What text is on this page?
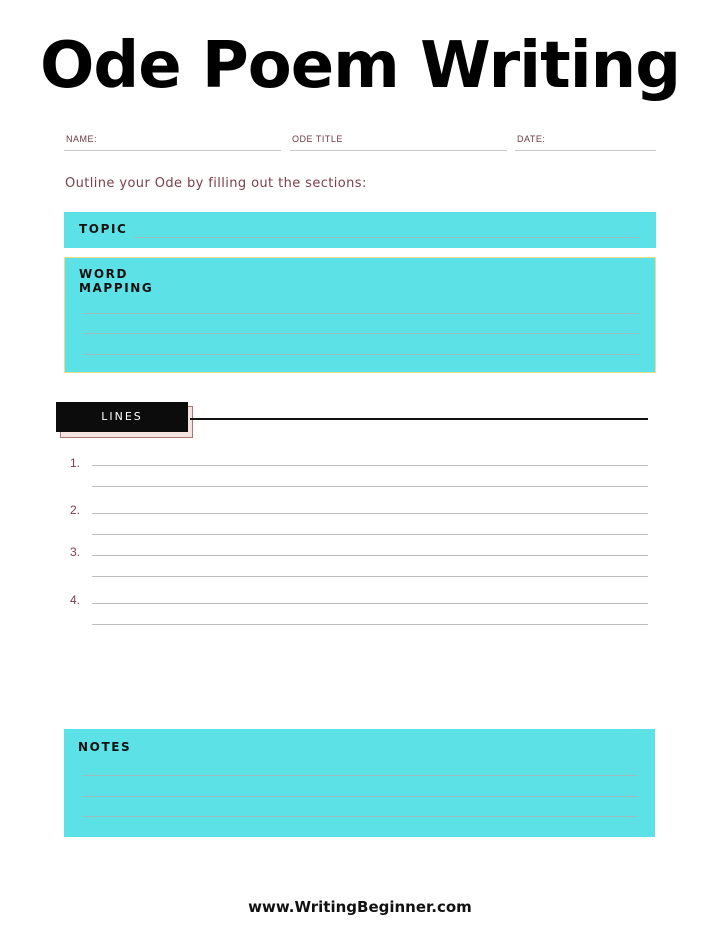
Ode Poem Writing
NAME:	ODE TITLE	DATE:
Outline your Ode by filling out the sections:
TOPIC
WORD
MAPPING
LINES
1.
2.
3.
4.
NOTES
www.WritingBeginner.com
